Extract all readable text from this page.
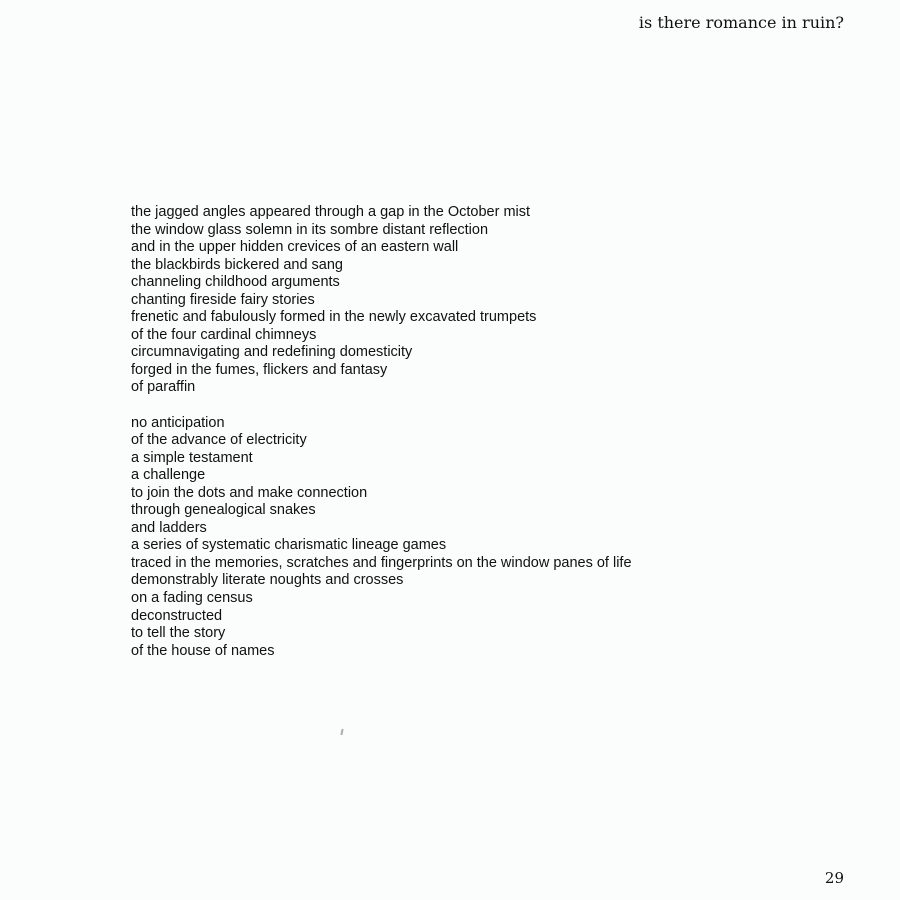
is there romance in ruin?
the jagged angles appeared through a gap in the October mist
the window glass solemn in its sombre distant reflection
and in the upper hidden crevices of an eastern wall
the blackbirds bickered and sang
channeling childhood arguments
chanting fireside fairy stories
frenetic and fabulously formed in the newly excavated trumpets
of the four cardinal chimneys
circumnavigating and redefining domesticity
forged in the fumes, flickers and fantasy
of paraffin
no anticipation
of the advance of electricity
a simple testament
a challenge
to join the dots and make connection
through genealogical snakes
and ladders
a series of systematic charismatic lineage games
traced in the memories, scratches and fingerprints on the window panes of life
demonstrably literate noughts and crosses
on a fading census
deconstructed
to tell the story
of the house of names
29
